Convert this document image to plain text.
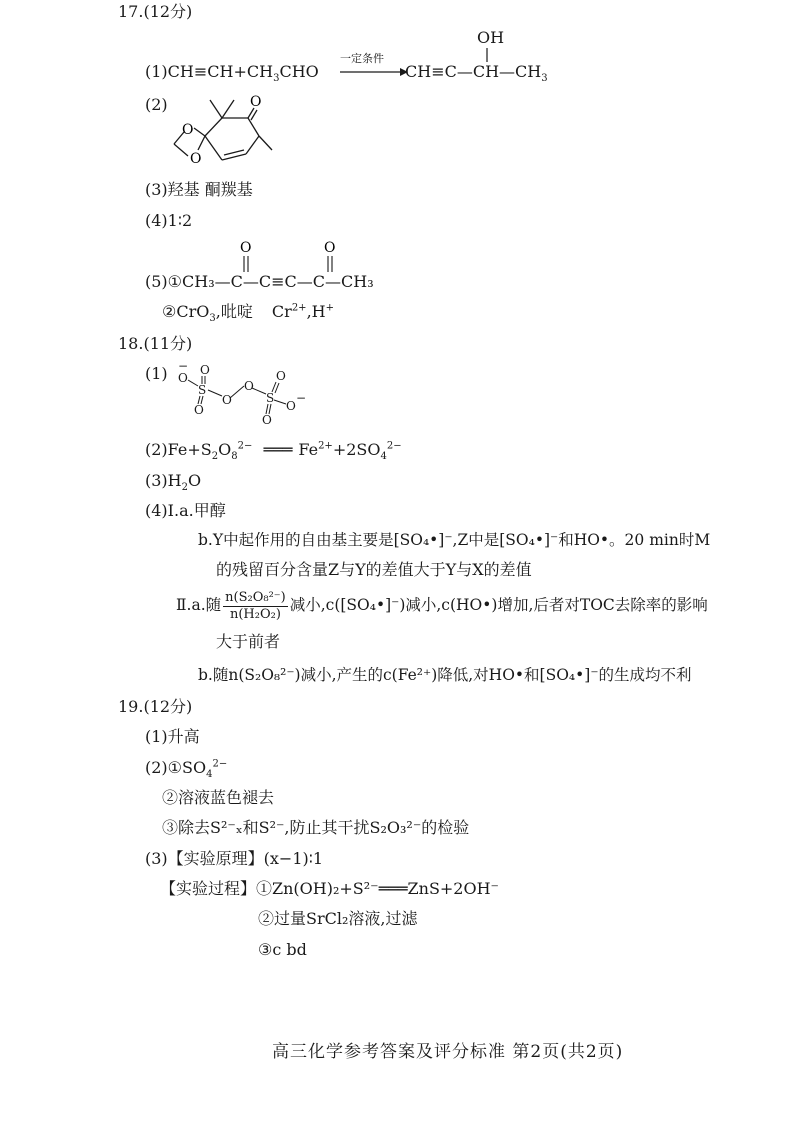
17.(12分)
$(1)CH\equiv CH+CH_3CHO$
一定条件
OH
$CH\equiv C—CH—CH_3$
(2)	O
O
O
(3)羟基 酮羰基
(4)1∶2
O	O
(5)①CH₃—C—C≡C—C—CH₃
②CrO$_3$,吡啶 $Cr^{2+},H^+$
18.(11分)
(1) −
O
S
O
O
O
O
S
O
O
O
−
$(2)Fe+S_2O_8^{2-}$ ═══ $Fe^{2+}+2SO_4^{2-}$
$(3)H_2O$
(4)Ⅰ.a.甲醇
b.Y中起作用的自由基主要是[SO₄•]⁻,Z中是[SO₄•]⁻和HO•。20 min时M
的残留百分含量Z与Y的差值大于Y与X的差值
Ⅱ.a.随 $\frac{\text{n(S₂O₈²⁻)}}{\text{n(H₂O₂)}}$ 减小,c([SO₄•]⁻)减小,c(HO•)增加,后者对TOC去除率的影响
大于前者
b.随n(S₂O₈²⁻)减小,产生的c(Fe²⁺)降低,对HO•和[SO₄•]⁻的生成均不利
19.(12分)
(1)升高
$(2)①SO_4^{2-}$
②溶液蓝色褪去
③除去S²⁻ₓ和S²⁻,防止其干扰S₂O₃²⁻的检验
(3)【实验原理】(x−1)∶1
【实验过程】①Zn(OH)₂+S²⁻═══ZnS+2OH⁻
②过量SrCl₂溶液,过滤
③c bd
高三化学参考答案及评分标准 第2页(共2页)
